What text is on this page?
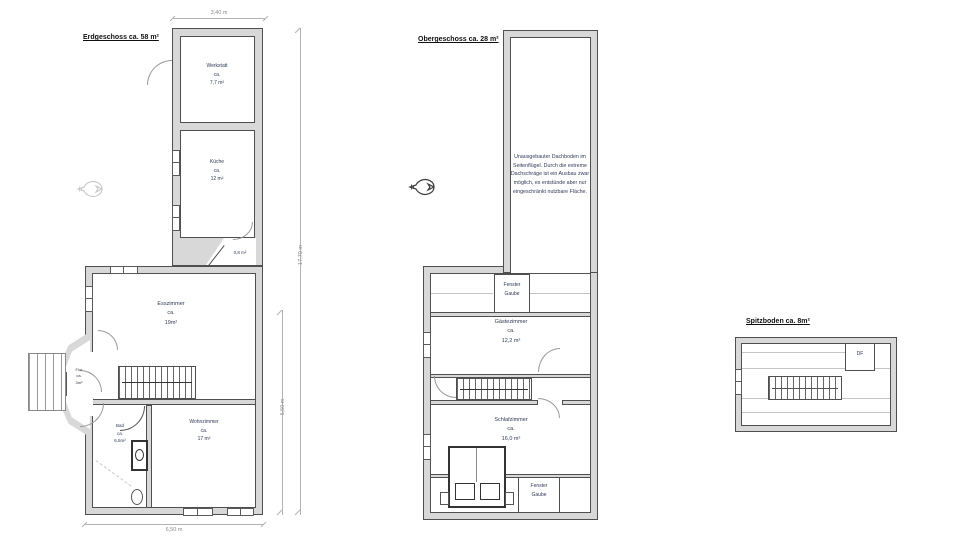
Erdgeschoss ca. 58 m²
3,40 m
Werkstatt
ca.
7,7 m²
Küche
ca.
12 m²
0,8 m²
Esszimmer
ca.
19m²
Flur
ca.
3m²
Bad
ca.
6,5m²
Wohnzimmer
ca.
17 m²
6,50 m
17,70 m
5,50 m
Obergeschoss ca. 28 m²
Unausgebauter Dachboden im Seitenflügel. Durch die extreme Dachschräge ist ein Ausbau zwar möglich, es entstünde aber nur eingeschränkt nutzbare Fläche.
Fenster
Gaube
Gästezimmer
ca.
12,2 m²
Schlafzimmer
ca.
16,0 m²
Fenster
Gaube
Spitzboden ca. 8m²
DF
